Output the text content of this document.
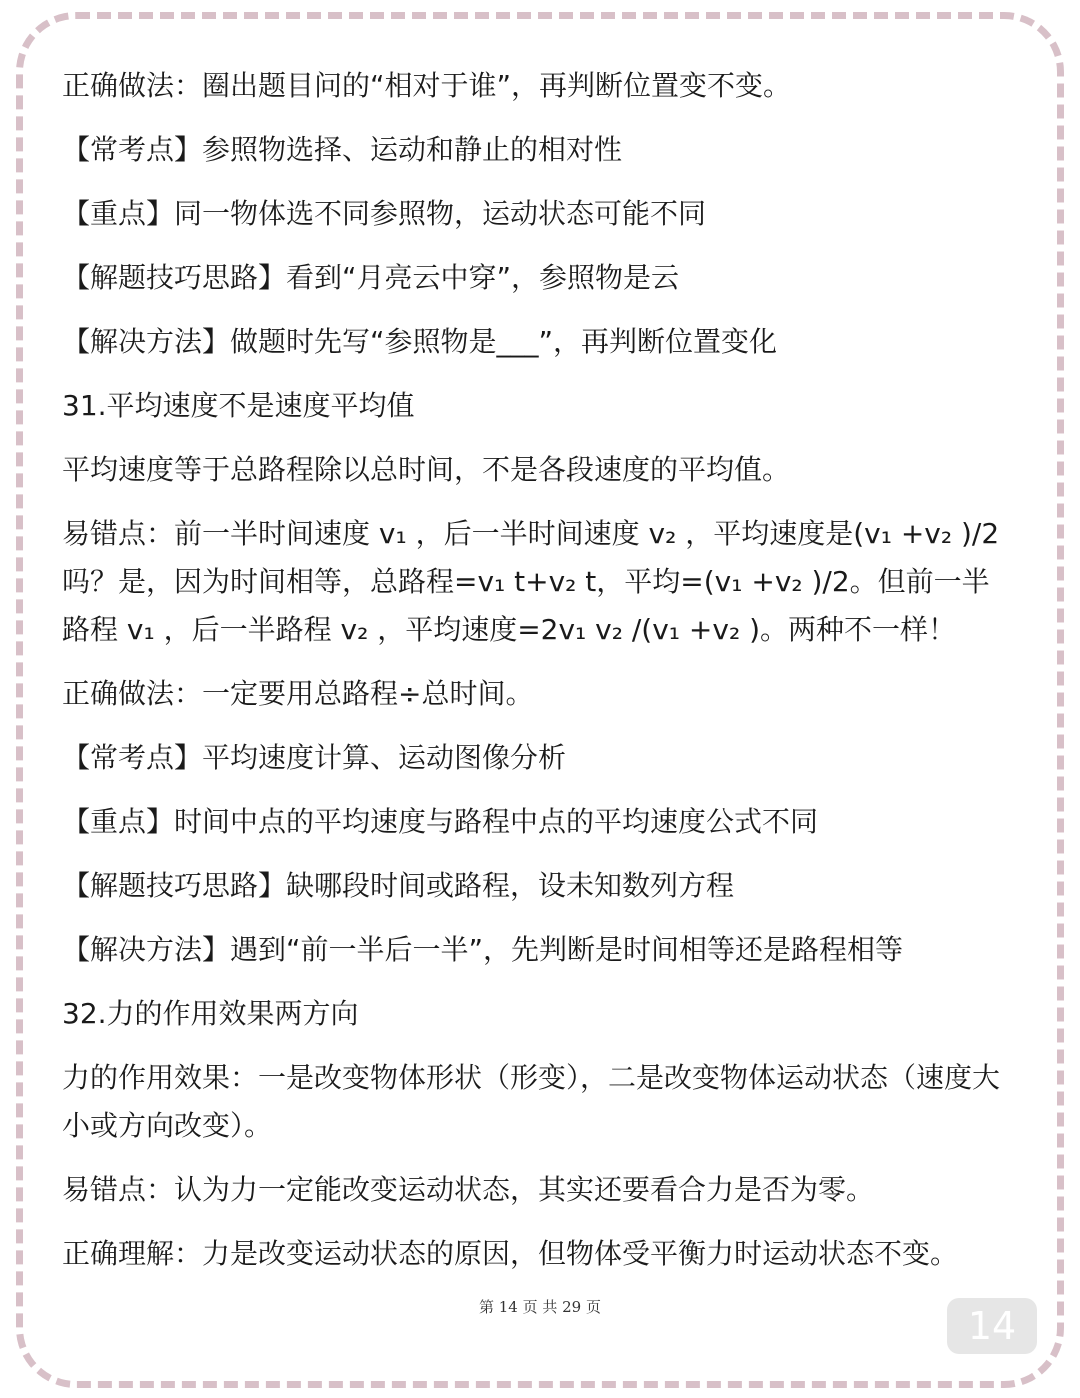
正确做法：圈出题目问的“相对于谁”，再判断位置变不变。

【常考点】参照物选择、运动和静止的相对性

【重点】同一物体选不同参照物，运动状态可能不同

【解题技巧思路】看到“月亮云中穿”，参照物是云

【解决方法】做题时先写“参照物是___”，再判断位置变化

31.平均速度不是速度平均值

平均速度等于总路程除以总时间，不是各段速度的平均值。

易错点：前一半时间速度 v₁ ，后一半时间速度 v₂ ，平均速度是(v₁ +v₂ )/2
吗？是，因为时间相等，总路程=v₁ t+v₂ t，平均=(v₁ +v₂ )/2。但前一半
路程 v₁ ，后一半路程 v₂ ，平均速度=2v₁ v₂ /(v₁ +v₂ )。两种不一样！

正确做法：一定要用总路程÷总时间。

【常考点】平均速度计算、运动图像分析

【重点】时间中点的平均速度与路程中点的平均速度公式不同

【解题技巧思路】缺哪段时间或路程，设未知数列方程

【解决方法】遇到“前一半后一半”，先判断是时间相等还是路程相等

32.力的作用效果两方向

力的作用效果：一是改变物体形状（形变），二是改变物体运动状态（速度大
小或方向改变）。

易错点：认为力一定能改变运动状态，其实还要看合力是否为零。

正确理解：力是改变运动状态的原因，但物体受平衡力时运动状态不变。

第 14 页 共 29 页	14
